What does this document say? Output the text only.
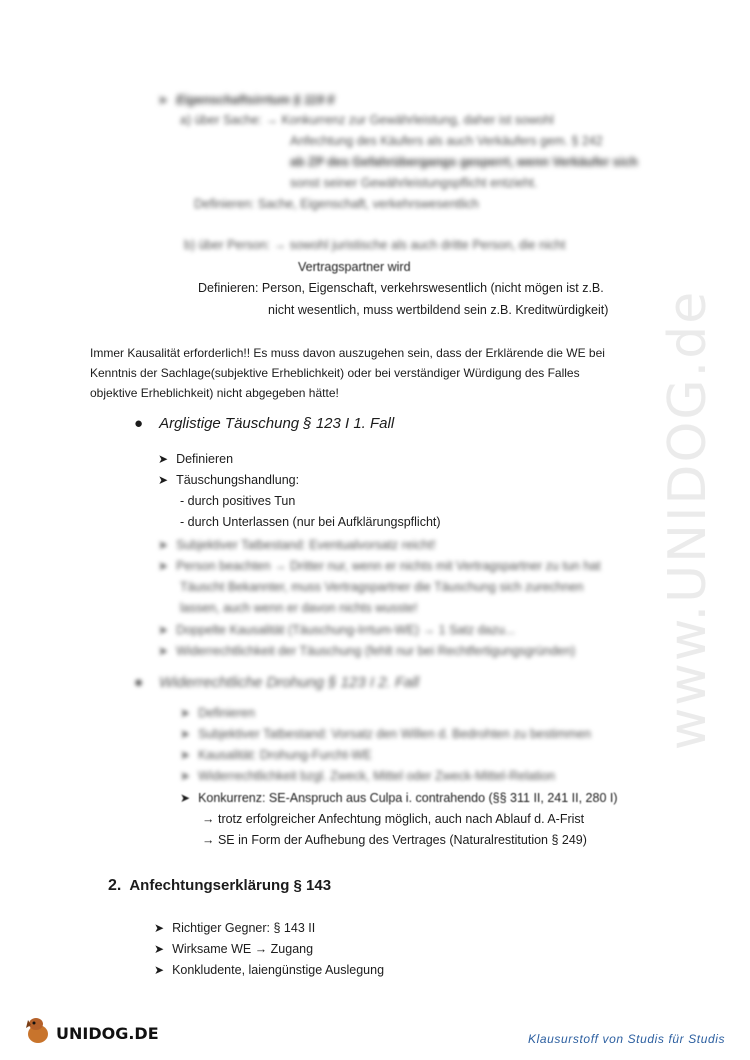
➤ Eigenschaftsirrtum § 119 II
a) über Sache: → Konkurrenz zur Gewährleistung, daher ist sowohl
Anfechtung des Käufers als auch Verkäufers gem. § 242
ab ZP des Gefahrübergangs gesperrt, wenn Verkäufer sich
sonst seiner Gewährleistungspflicht entzieht.
Definieren: Sache, Eigenschaft, verkehrswesentlich
b) über Person: → sowohl juristische als auch dritte Person, die nicht
Vertragspartner wird
Definieren: Person, Eigenschaft, verkehrswesentlich (nicht mögen ist z.B.
nicht wesentlich, muss wertbildend sein z.B. Kreditwürdigkeit)
Immer Kausalität erforderlich!! Es muss davon auszugehen sein, dass der Erklärende die WE bei
Kenntnis der Sachlage(subjektive Erheblichkeit) oder bei verständiger Würdigung des Falles
objektive Erheblichkeit) nicht abgegeben hätte!
● Arglistige Täuschung § 123 I 1. Fall
➤ Definieren
➤ Täuschungshandlung:
- durch positives Tun
- durch Unterlassen (nur bei Aufklärungspflicht)
➤ Subjektiver Tatbestand: Eventualvorsatz reicht!
➤ Person beachten → Dritter nur, wenn er nichts mit Vertragspartner zu tun hat
Täuscht Bekannter, muss Vertragspartner die Täuschung sich zurechnen
lassen, auch wenn er davon nichts wusste!
➤ Doppelte Kausalität (Täuschung-Irrtum-WE) → 1 Satz dazu...
➤ Widerrechtlichkeit der Täuschung (fehlt nur bei Rechtfertigungsgründen)
● Widerrechtliche Drohung § 123 I 2. Fall
➤ Definieren
➤ Subjektiver Tatbestand: Vorsatz den Willen d. Bedrohten zu bestimmen
➤ Kausalität: Drohung-Furcht-WE
➤ Widerrechtlichkeit bzgl. Zweck, Mittel oder Zweck-Mittel-Relation
➤ Konkurrenz: SE-Anspruch aus Culpa i. contrahendo (§§ 311 II, 241 II, 280 I)
→ trotz erfolgreicher Anfechtung möglich, auch nach Ablauf d. A-Frist
→ SE in Form der Aufhebung des Vertrages (Naturalrestitution § 249)
2. Anfechtungserklärung § 143
➤ Richtiger Gegner: § 143 II
➤ Wirksame WE → Zugang
➤ Konkludente, laiengünstige Auslegung
www.UNIDOG.de
UNIDOG.DE	Klausurstoff von Studis für Studis
